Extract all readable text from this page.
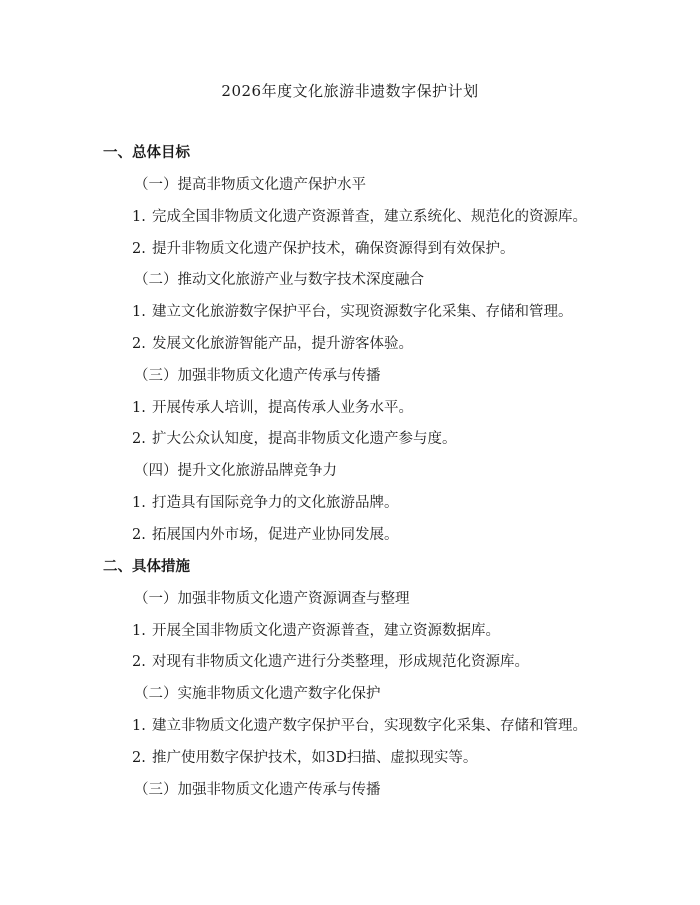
2026年度文化旅游非遗数字保护计划
一、总体目标
（一）提高非物质文化遗产保护水平
1. 完成全国非物质文化遗产资源普查，建立系统化、规范化的资源库。
2. 提升非物质文化遗产保护技术，确保资源得到有效保护。
（二）推动文化旅游产业与数字技术深度融合
1. 建立文化旅游数字保护平台，实现资源数字化采集、存储和管理。
2. 发展文化旅游智能产品，提升游客体验。
（三）加强非物质文化遗产传承与传播
1. 开展传承人培训，提高传承人业务水平。
2. 扩大公众认知度，提高非物质文化遗产参与度。
（四）提升文化旅游品牌竞争力
1. 打造具有国际竞争力的文化旅游品牌。
2. 拓展国内外市场，促进产业协同发展。
二、具体措施
（一）加强非物质文化遗产资源调查与整理
1. 开展全国非物质文化遗产资源普查，建立资源数据库。
2. 对现有非物质文化遗产进行分类整理，形成规范化资源库。
（二）实施非物质文化遗产数字化保护
1. 建立非物质文化遗产数字保护平台，实现数字化采集、存储和管理。
2. 推广使用数字保护技术，如3D扫描、虚拟现实等。
（三）加强非物质文化遗产传承与传播
